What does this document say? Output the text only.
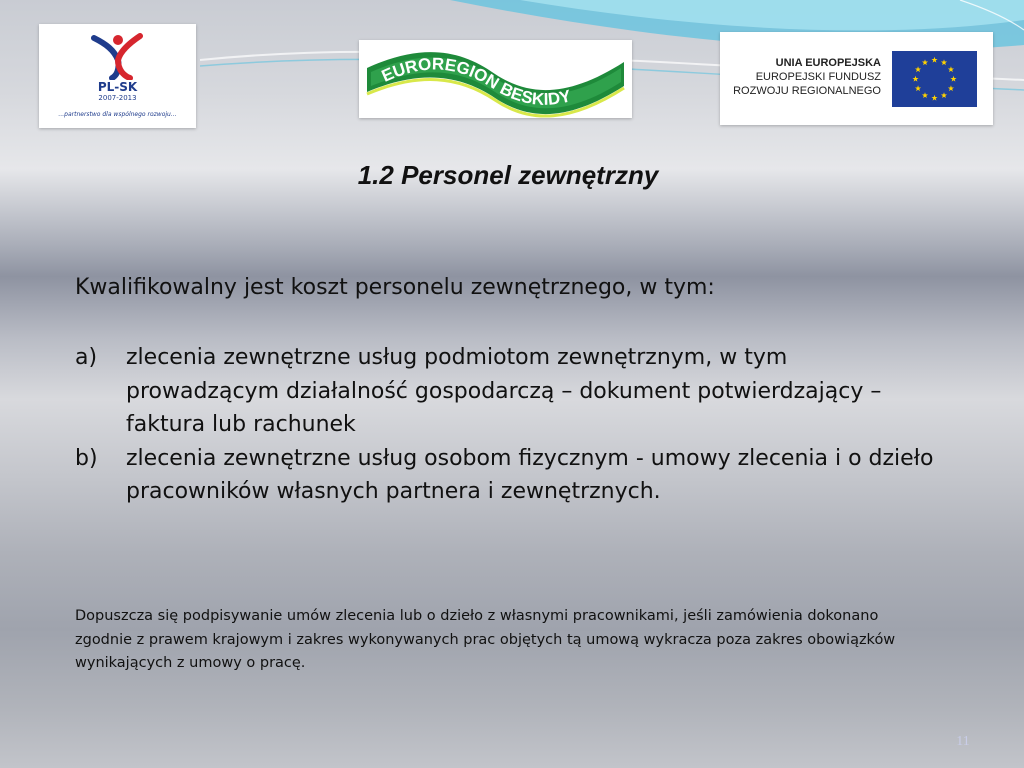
PL-SK
2007-2013
...partnerstwo dla wspólnego rozwoju...
EUROREGION BESKIDY
UNIA EUROPEJSKA
EUROPEJSKI FUNDUSZ
ROZWOJU REGIONALNEGO
1.2 Personel zewnętrzny
Kwalifikowalny jest koszt personelu zewnętrznego, w tym:
a)	zlecenia zewnętrzne usług podmiotom zewnętrznym, w tym prowadzącym działalność gospodarczą – dokument potwierdzający – faktura lub rachunek
b)	zlecenia zewnętrzne usług osobom fizycznym - umowy zlecenia i o dzieło pracowników własnych partnera i zewnętrznych.
Dopuszcza się podpisywanie umów zlecenia lub o dzieło z własnymi pracownikami, jeśli zamówienia dokonano zgodnie z prawem krajowym i zakres wykonywanych prac objętych tą umową wykracza poza zakres obowiązków wynikających z umowy o pracę.
11
